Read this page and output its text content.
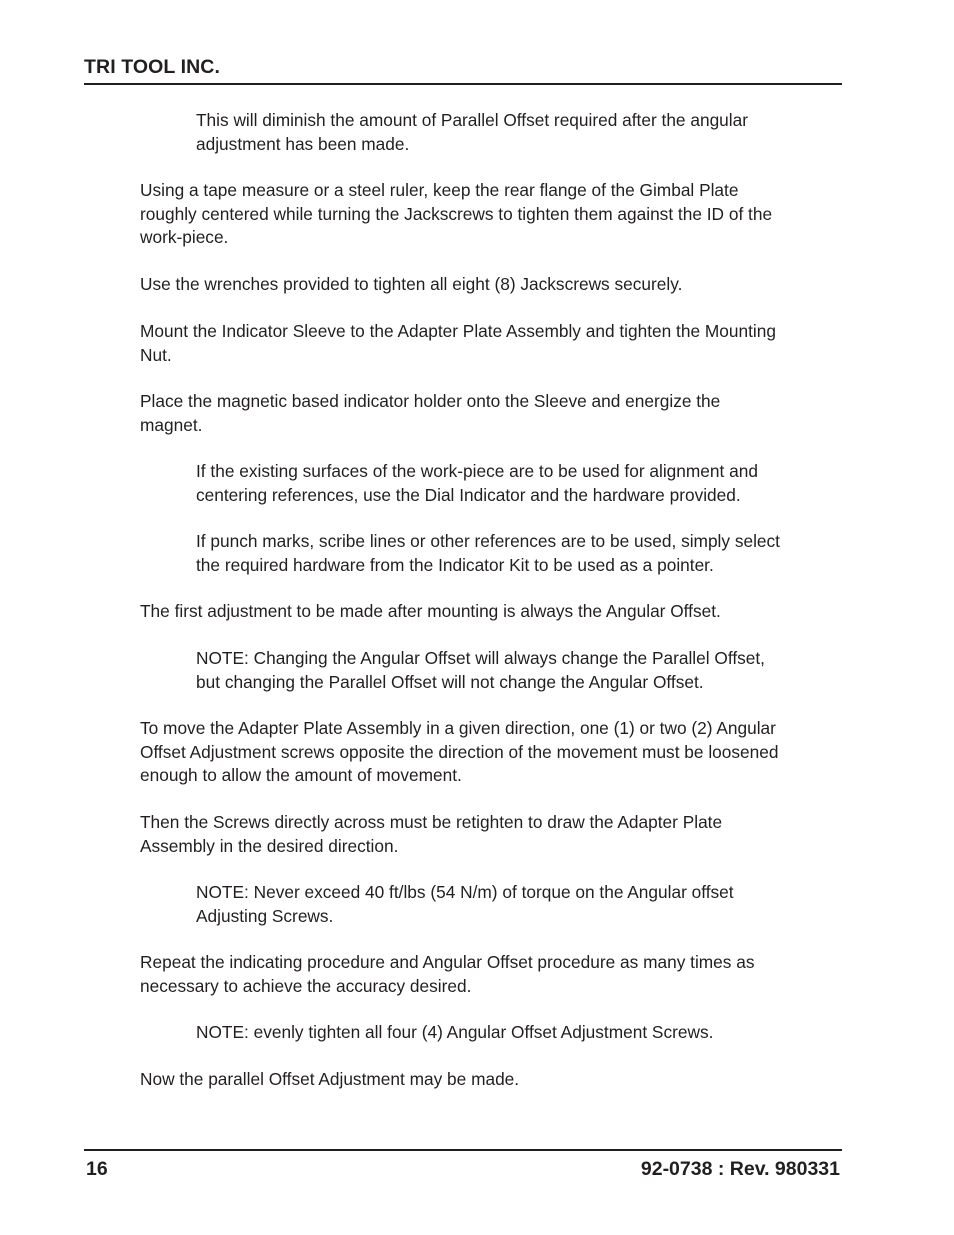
TRI TOOL INC.

This will diminish the amount of Parallel Offset required after the angular
adjustment has been made.

Using a tape measure or a steel ruler, keep the rear flange of the Gimbal Plate
roughly centered while turning the Jackscrews to tighten them against the ID of the
work-piece.

Use the wrenches provided to tighten all eight (8) Jackscrews securely.

Mount the Indicator Sleeve to the Adapter Plate Assembly and tighten the Mounting
Nut.

Place the magnetic based indicator holder onto the Sleeve and energize the
magnet.

If the existing surfaces of the work-piece are to be used for alignment and
centering references, use the Dial Indicator and the hardware provided.

If punch marks, scribe lines or other references are to be used, simply select
the required hardware from the Indicator Kit to be used as a pointer.

The first adjustment to be made after mounting is always the Angular Offset.

NOTE: Changing the Angular Offset will always change the Parallel Offset,
but changing the Parallel Offset will not change the Angular Offset.

To move the Adapter Plate Assembly in a given direction, one (1) or two (2) Angular
Offset Adjustment screws opposite the direction of the movement must be loosened
enough to allow the amount of movement.

Then the Screws directly across must be retighten to draw the Adapter Plate
Assembly in the desired direction.

NOTE: Never exceed 40 ft/lbs (54 N/m) of torque on the Angular offset
Adjusting Screws.

Repeat the indicating procedure and Angular Offset procedure as many times as
necessary to achieve the accuracy desired.

NOTE: evenly tighten all four (4) Angular Offset Adjustment Screws.

Now the parallel Offset Adjustment may be made.

16	92-0738 : Rev. 980331
